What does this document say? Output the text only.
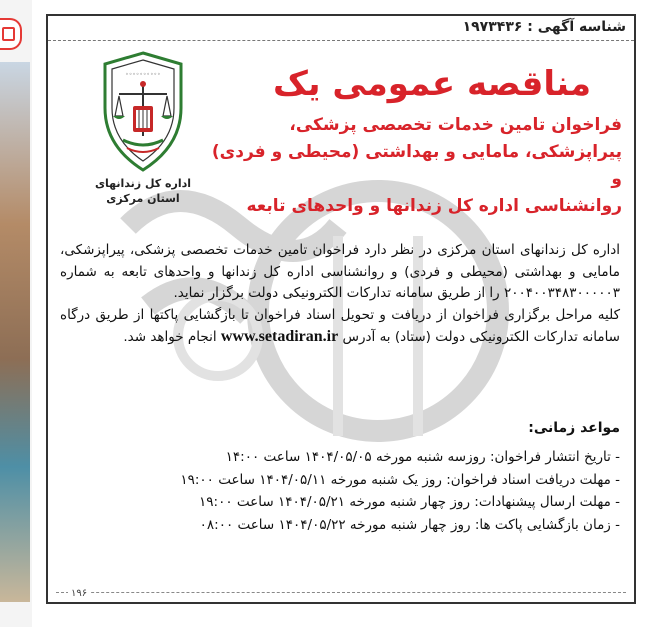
شناسه آگهی : ۱۹۷۳۴۳۶
◦◦◦◦◦◦◦◦◦◦
اداره کل زندانهای استان مرکزی
مناقصه عمومی یک
فراخوان تامین خدمات تخصصی پزشکی،
پیراپزشکی، مامایی و بهداشتی (محیطی و فردی) و
روانشناسی اداره کل زندانها و واحدهای تابعه

اداره کل زندانهای استان مرکزی در نظر دارد فراخوان تامین خدمات تخصصی پزشکی، پیراپزشکی، مامایی و بهداشتی (محیطی و فردی) و روانشناسی اداره کل زندانها و واحدهای تابعه به شماره ۲۰۰۴۰۰۳۴۸۳۰۰۰۰۰۳ را از طریق سامانه تدارکات الکترونیکی دولت برگزار نماید.

کلیه مراحل برگزاری فراخوان از دریافت و تحویل اسناد فراخوان تا بازگشایی پاکتها از طریق درگاه سامانه تدارکات الکترونیکی دولت (ستاد) به آدرس www.setadiran.ir انجام خواهد شد.

مواعد زمانی:
- تاریخ انتشار فراخوان: روزسه شنبه مورخه ۱۴۰۴/۰۵/۰۵ ساعت ۱۴:۰۰
- مهلت دریافت اسناد فراخوان: روز یک شنبه مورخه ۱۴۰۴/۰۵/۱۱ ساعت ۱۹:۰۰
- مهلت ارسال پیشنهادات: روز چهار شنبه مورخه ۱۴۰۴/۰۵/۲۱ ساعت ۱۹:۰۰
- زمان بازگشایی پاکت ها: روز چهار شنبه مورخه ۱۴۰۴/۰۵/۲۲ ساعت ۰۸:۰۰
۱۹۶
